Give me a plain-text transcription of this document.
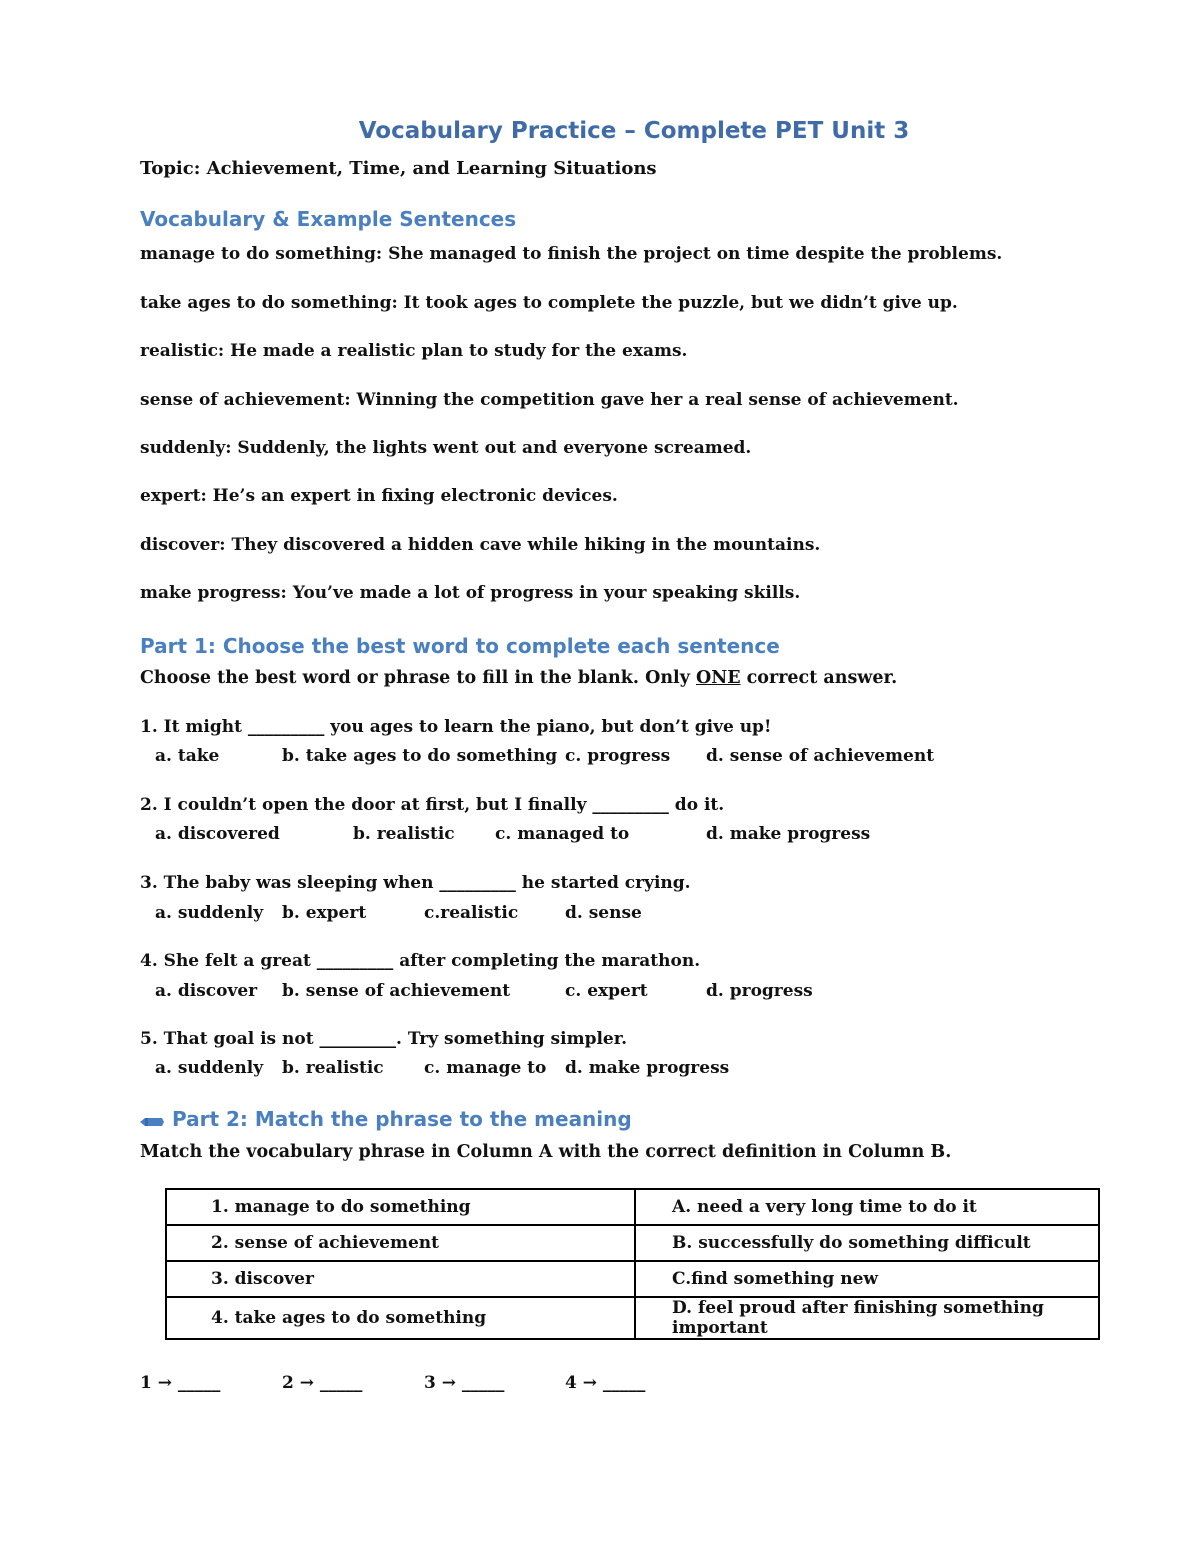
Vocabulary Practice – Complete PET Unit 3
Topic: Achievement, Time, and Learning Situations
Vocabulary & Example Sentences
manage to do something: She managed to finish the project on time despite the problems.
take ages to do something: It took ages to complete the puzzle, but we didn’t give up.
realistic: He made a realistic plan to study for the exams.
sense of achievement: Winning the competition gave her a real sense of achievement.
suddenly: Suddenly, the lights went out and everyone screamed.
expert: He’s an expert in fixing electronic devices.
discover: They discovered a hidden cave while hiking in the mountains.
make progress: You’ve made a lot of progress in your speaking skills.
Part 1: Choose the best word to complete each sentence
Choose the best word or phrase to fill in the blank. Only ONE correct answer.
1. It might _________ you ages to learn the piano, but don’t give up!
a. take	b. take ages to do something c. progress d. sense of achievement
2. I couldn’t open the door at first, but I finally _________ do it.
a. discovered	b. realistic c. managed to	d. make progress
3. The baby was sleeping when _________ he started crying.
a. suddenly b. expert	c.realistic	d. sense
4. She felt a great _________ after completing the marathon.
a. discover b. sense of achievement	c. expert	d. progress
5. That goal is not _________. Try something simpler.
a. suddenly b. realistic c. manage to d. make progress
Part 2: Match the phrase to the meaning
Match the vocabulary phrase in Column A with the correct definition in Column B.
1. manage to do something	A. need a very long time to do it
2. sense of achievement	B. successfully do something difficult
3. discover	C.find something new
4. take ages to do something	D. feel proud after finishing something important
1 → _____	2 → _____	3 → _____	4 → _____
